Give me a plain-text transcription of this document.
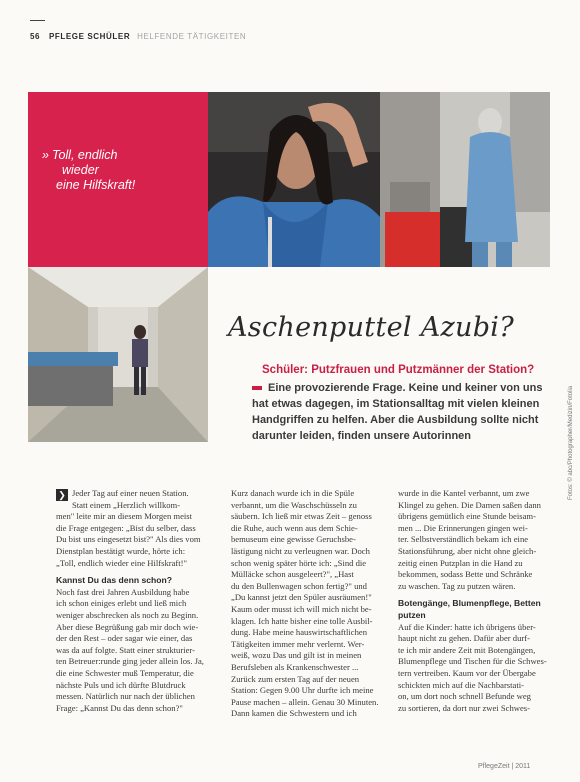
56 PFLEGE SCHÜLER HELFENDE TÄTIGKEITEN
» Toll, endlich
wieder
eine Hilfskraft!
Aschenputtel Azubi?
Schüler: Putzfrauen und Putzmänner der Station?
Eine provozierende Frage. Keine und keiner von uns
hat etwas dagegen, im Stationsalltag mit vielen kleinen
Handgriffen zu helfen. Aber die Ausbildung sollte nicht
darunter leiden, finden unsere Autorinnen
❯ Jeder Tag auf einer neuen Station.
Statt einem „Herzlich willkom-
men" leite mir an diesem Morgen meist
die Frage entgegen: „Bist du selber, dass
Du bist uns eingesetzt bist?" Als dies vom
Dienstplan bestätigt wurde, hörte ich:
„Toll, endlich wieder eine Hilfskraft!"
Kannst Du das denn schon?
Noch fast drei Jahren Ausbildung habe
ich schon einiges erlebt und ließ mich
weniger abschrecken als noch zu Beginn.
Aber diese Begrüßung gab mir doch wie-
der den Rest – oder sagar wie einer, das
was da auf folgte. Statt einer strukturier-
ten Betreuer:runde ging jeder allein los. Ja,
die eine Schwester muß Temperatur, die
nächste Puls und ich dürfte Blutdruck
messen. Natürlich nur nach der üblichen
Frage: „Kannst Du das denn schon?"
Kurz danach wurde ich in die Spüle
verbannt, um die Waschschüsseln zu
säubern. Ich ließ mir etwas Zeit – genoss
die Ruhe, auch wenn aus dem Schie-
bemuseum eine gewisse Geruchsbe-
lästigung nicht zu verleugnen war. Doch
schon wenig später hörte ich: „Sind die
Mülläcke schon ausgeleert?", „Hast
du den Bullenwagen schon fertig?" und
„Du kannst jetzt den Spüler ausräumen!"
Kaum oder musst ich will mich nicht be-
klagen. Ich hatte bisher eine tolle Ausbil-
dung. Habe meine hauswirtschaftlichen
Tätigkeiten immer mehr verlernt. Wer-
weiß, wozu Das und gilt ist in meinen
Berufsleben als Krankenschwester ...
Zurück zum ersten Tag auf der neuen
Station: Gegen 9.00 Uhr durfte ich meine
Pause machen – allein. Genau 30 Minuten.
Dann kamen die Schwestern und ich
wurde in die Kantel verbannt, um zwe
Klingel zu gehen. Die Damen saßen dann
übrigens gemütlich eine Stunde beisam-
men ... Die Erinnerungen gingen wei-
ter. Selbstverständlich bekam ich eine
Stationsführung, aber nicht ohne gleich-
zeitig einen Putzplan in die Hand zu
bekommen, sodass Bette und Schränke
zu waschen. Tag zu putzen wären.
Botengänge, Blumenpflege, Betten putzen
Auf die Kinder: hatte ich übrigens über-
haupt nicht zu gehen. Dafür aber durf-
te ich mir andere Zeit mit Botengängen,
Blumenpflege und Tischen für die Schwes-
tern vertreiben. Kaum vor der Übergabe
schickten mich auf die Nachbarstati-
on, um dort noch schnell Befunde weg
zu sortieren, da dort nur zwei Schwes-
PflegeZeit | 2011
Fotos: © abc/Photographer/Medizin/Fotolia
